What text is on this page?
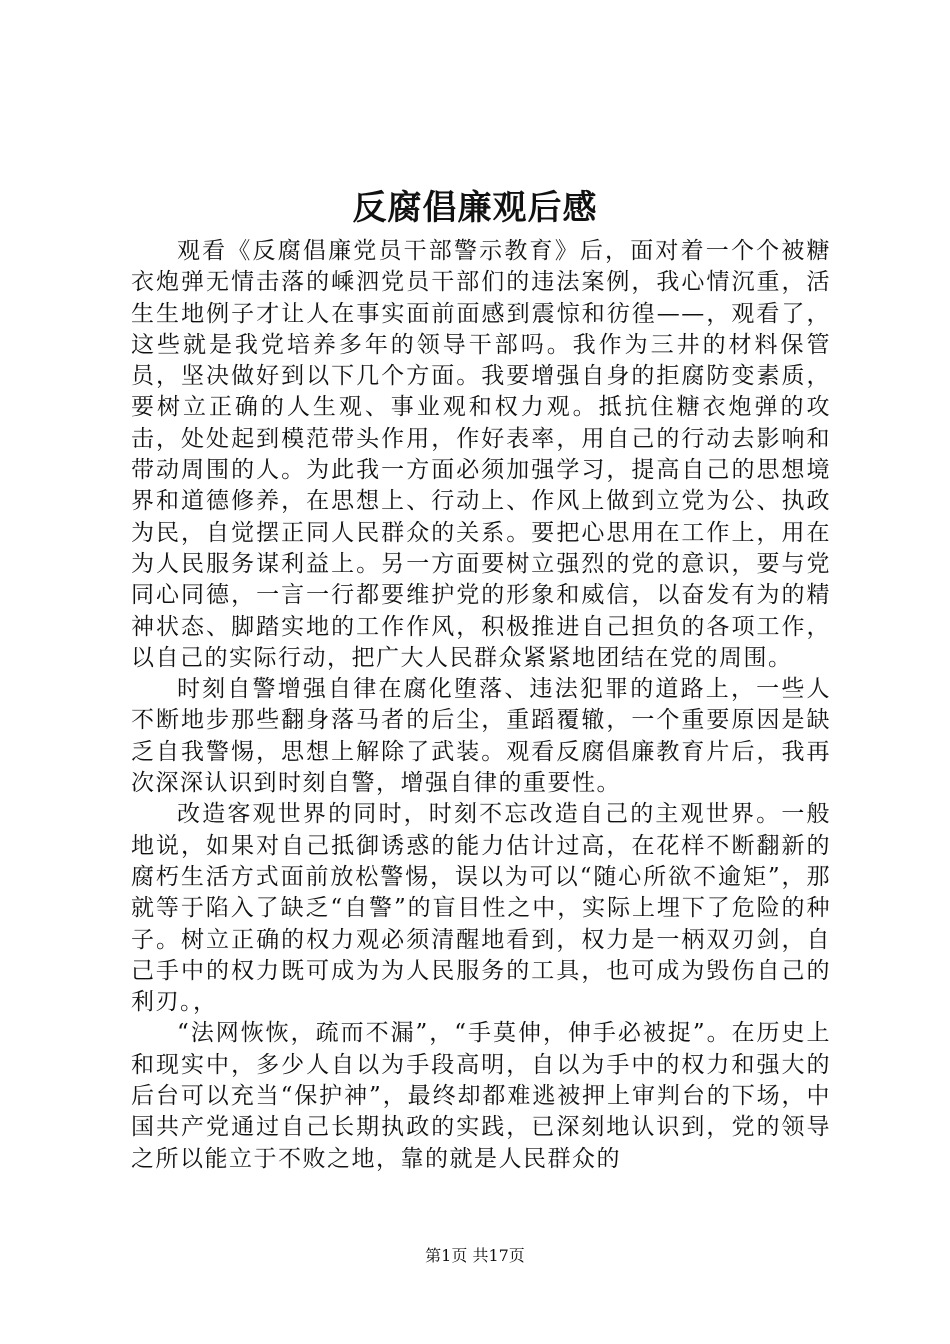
反腐倡廉观后感

观看《反腐倡廉党员干部警示教育》后，面对着一个个被糖衣炮弹无情击落的嵊泗党员干部们的违法案例，我心情沉重，活生生地例子才让人在事实面前面感到震惊和彷徨——，观看了，这些就是我党培养多年的领导干部吗。我作为三井的材料保管员，坚决做好到以下几个方面。我要增强自身的拒腐防变素质，要树立正确的人生观、事业观和权力观。抵抗住糖衣炮弹的攻击，处处起到模范带头作用，作好表率，用自己的行动去影响和带动周围的人。为此我一方面必须加强学习，提高自己的思想境界和道德修养，在思想上、行动上、作风上做到立党为公、执政为民，自觉摆正同人民群众的关系。要把心思用在工作上，用在为人民服务谋利益上。另一方面要树立强烈的党的意识，要与党同心同德，一言一行都要维护党的形象和威信，以奋发有为的精神状态、脚踏实地的工作作风，积极推进自己担负的各项工作，以自己的实际行动，把广大人民群众紧紧地团结在党的周围。

时刻自警增强自律在腐化堕落、违法犯罪的道路上，一些人不断地步那些翻身落马者的后尘，重蹈覆辙，一个重要原因是缺乏自我警惕，思想上解除了武装。观看反腐倡廉教育片后，我再次深深认识到时刻自警，增强自律的重要性。

改造客观世界的同时，时刻不忘改造自己的主观世界。一般地说，如果对自己抵御诱惑的能力估计过高，在花样不断翻新的腐朽生活方式面前放松警惕，误以为可以“随心所欲不逾矩”，那就等于陷入了缺乏“自警”的盲目性之中，实际上埋下了危险的种子。树立正确的权力观必须清醒地看到，权力是一柄双刃剑，自己手中的权力既可成为为人民服务的工具，也可成为毁伤自己的利刃。，

“法网恢恢，疏而不漏”，“手莫伸，伸手必被捉”。在历史上和现实中，多少人自以为手段高明，自以为手中的权力和强大的后台可以充当“保护神”，最终却都难逃被押上审判台的下场，中国共产党通过自己长期执政的实践，已深刻地认识到，党的领导之所以能立于不败之地，靠的就是人民群众的

第1页 共17页
